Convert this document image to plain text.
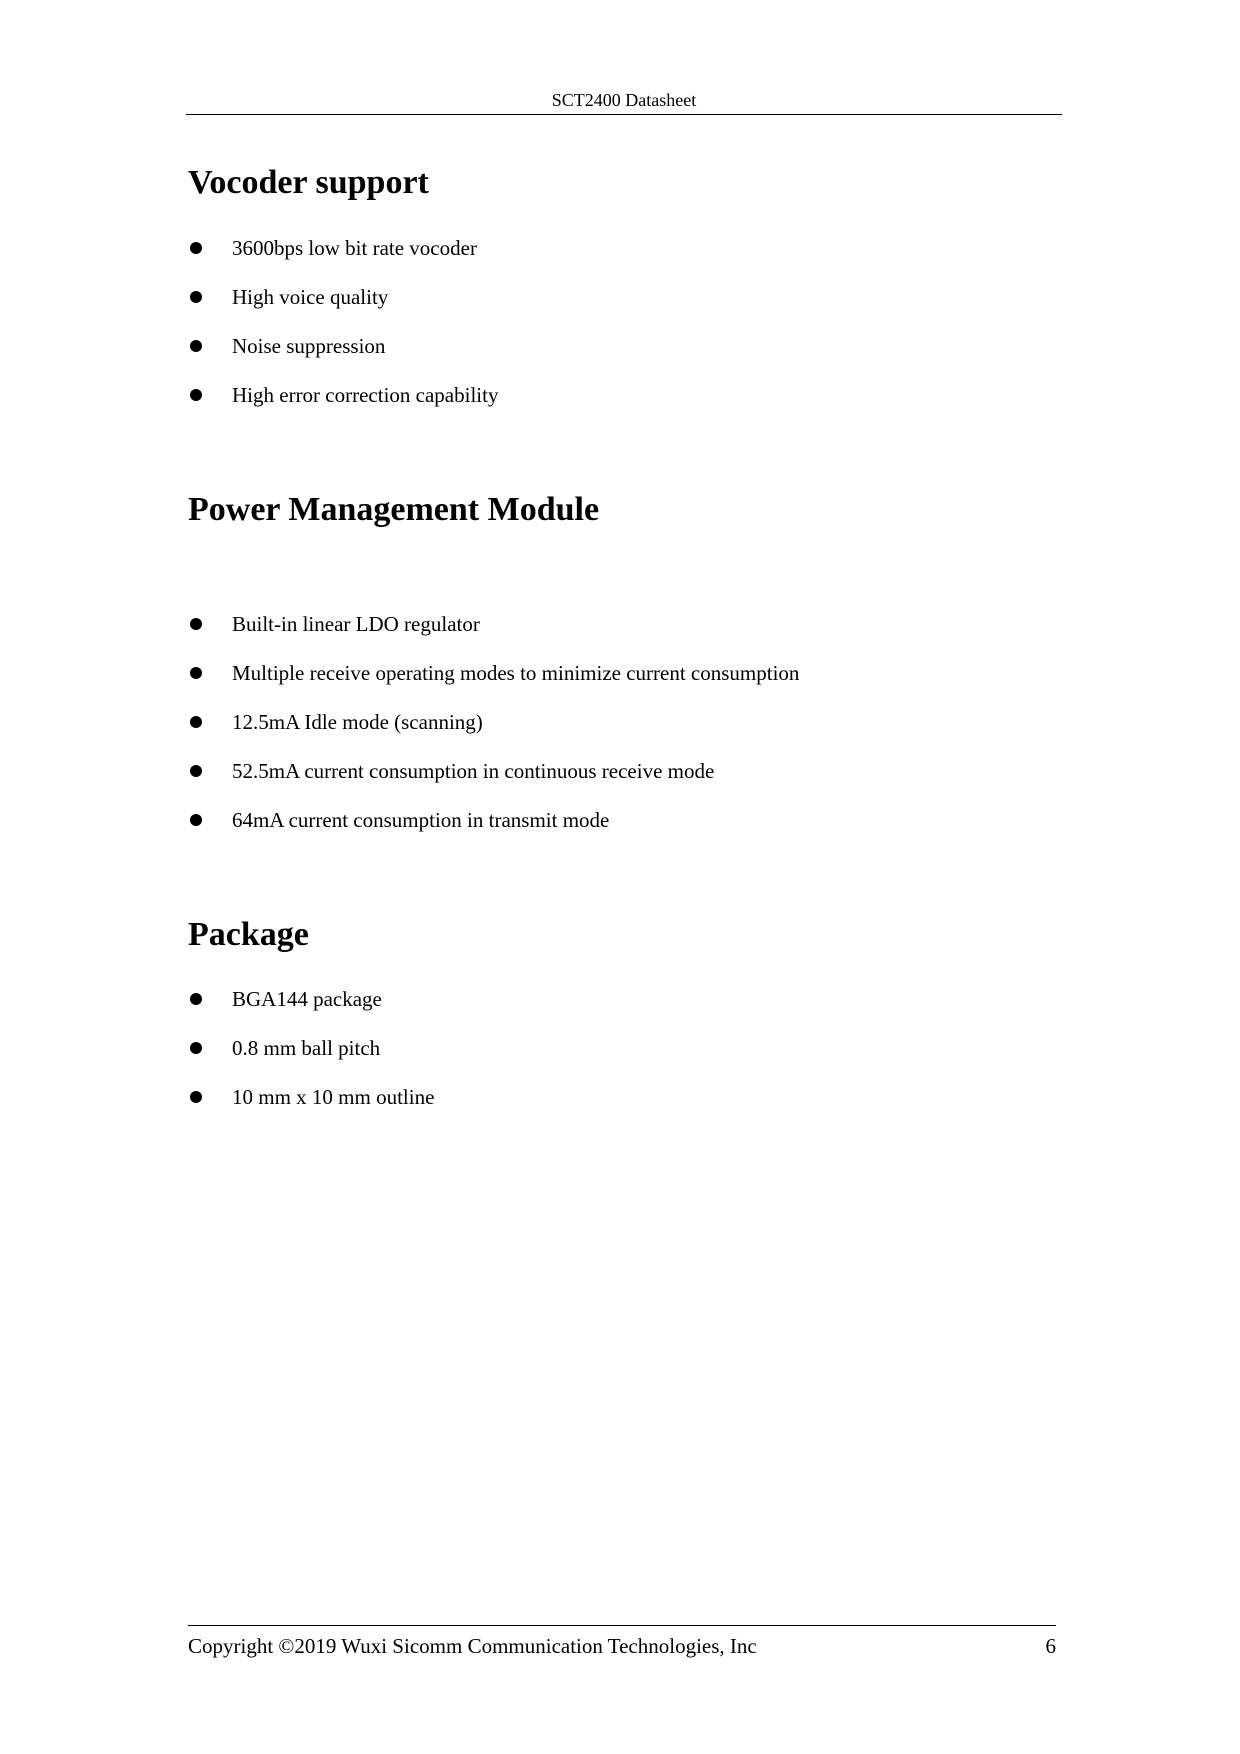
SCT2400 Datasheet
Vocoder support
3600bps low bit rate vocoder
High voice quality
Noise suppression
High error correction capability
Power Management Module
Built-in linear LDO regulator
Multiple receive operating modes to minimize current consumption
12.5mA Idle mode (scanning)
52.5mA current consumption in continuous receive mode
64mA current consumption in transmit mode
Package
BGA144 package
0.8 mm ball pitch
10 mm x 10 mm outline
Copyright ©2019 Wuxi Sicomm Communication Technologies, Inc	6
